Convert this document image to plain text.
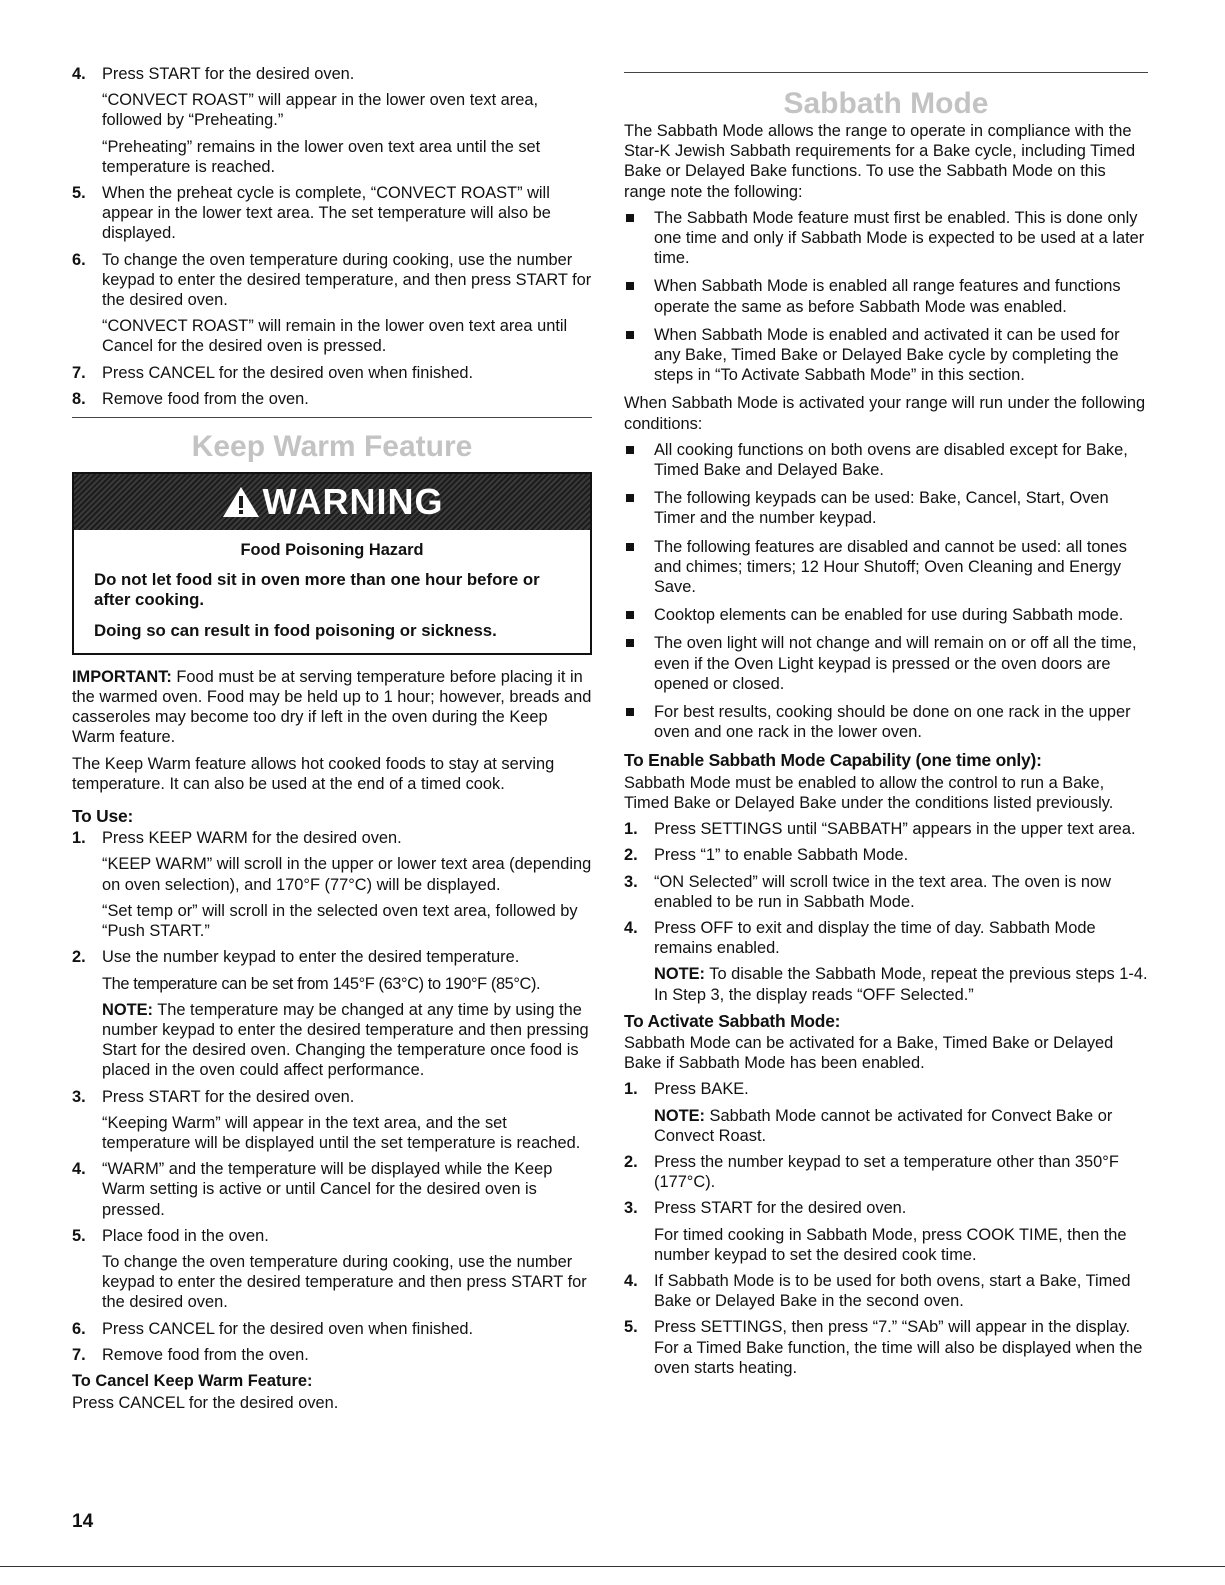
4. Press START for the desired oven.

“CONVECT ROAST” will appear in the lower oven text area, followed by “Preheating.”

“Preheating” remains in the lower oven text area until the set temperature is reached.

5. When the preheat cycle is complete, “CONVECT ROAST” will appear in the lower text area. The set temperature will also be displayed.

6. To change the oven temperature during cooking, use the number keypad to enter the desired temperature, and then press START for the desired oven.

“CONVECT ROAST” will remain in the lower oven text area until Cancel for the desired oven is pressed.

7. Press CANCEL for the desired oven when finished.

8. Remove food from the oven.

Keep Warm Feature
WARNING

Food Poisoning Hazard

Do not let food sit in oven more than one hour before or after cooking.

Doing so can result in food poisoning or sickness.

IMPORTANT: Food must be at serving temperature before placing it in the warmed oven. Food may be held up to 1 hour; however, breads and casseroles may become too dry if left in the oven during the Keep Warm feature.

The Keep Warm feature allows hot cooked foods to stay at serving temperature. It can also be used at the end of a timed cook.

To Use:
1. Press KEEP WARM for the desired oven.

“KEEP WARM” will scroll in the upper or lower text area (depending on oven selection), and 170°F (77°C) will be displayed.

“Set temp or” will scroll in the selected oven text area, followed by “Push START.”

2. Use the number keypad to enter the desired temperature.

The temperature can be set from 145°F (63°C) to 190°F (85°C).

NOTE: The temperature may be changed at any time by using the number keypad to enter the desired temperature and then pressing Start for the desired oven. Changing the temperature once food is placed in the oven could affect performance.

3. Press START for the desired oven.

“Keeping Warm” will appear in the text area, and the set temperature will be displayed until the set temperature is reached.

4. “WARM” and the temperature will be displayed while the Keep Warm setting is active or until Cancel for the desired oven is pressed.

5. Place food in the oven.

To change the oven temperature during cooking, use the number keypad to enter the desired temperature and then press START for the desired oven.

6. Press CANCEL for the desired oven when finished.

7. Remove food from the oven.

To Cancel Keep Warm Feature:

Press CANCEL for the desired oven.

Sabbath Mode

The Sabbath Mode allows the range to operate in compliance with the Star-K Jewish Sabbath requirements for a Bake cycle, including Timed Bake or Delayed Bake functions. To use the Sabbath Mode on this range note the following:

The Sabbath Mode feature must first be enabled. This is done only one time and only if Sabbath Mode is expected to be used at a later time.
When Sabbath Mode is enabled all range features and functions operate the same as before Sabbath Mode was enabled.
When Sabbath Mode is enabled and activated it can be used for any Bake, Timed Bake or Delayed Bake cycle by completing the steps in “To Activate Sabbath Mode” in this section.

When Sabbath Mode is activated your range will run under the following conditions:

All cooking functions on both ovens are disabled except for Bake, Timed Bake and Delayed Bake.
The following keypads can be used: Bake, Cancel, Start, Oven Timer and the number keypad.
The following features are disabled and cannot be used: all tones and chimes; timers; 12 Hour Shutoff; Oven Cleaning and Energy Save.
Cooktop elements can be enabled for use during Sabbath mode.
The oven light will not change and will remain on or off all the time, even if the Oven Light keypad is pressed or the oven doors are opened or closed.
For best results, cooking should be done on one rack in the upper oven and one rack in the lower oven.
To Enable Sabbath Mode Capability (one time only):

Sabbath Mode must be enabled to allow the control to run a Bake, Timed Bake or Delayed Bake under the conditions listed previously.

1. Press SETTINGS until “SABBATH” appears in the upper text area.

2. Press “1” to enable Sabbath Mode.

3. “ON Selected” will scroll twice in the text area. The oven is now enabled to be run in Sabbath Mode.

4. Press OFF to exit and display the time of day. Sabbath Mode remains enabled.

NOTE: To disable the Sabbath Mode, repeat the previous steps 1-4. In Step 3, the display reads “OFF Selected.”

To Activate Sabbath Mode:

Sabbath Mode can be activated for a Bake, Timed Bake or Delayed Bake if Sabbath Mode has been enabled.

1. Press BAKE.

NOTE: Sabbath Mode cannot be activated for Convect Bake or Convect Roast.

2. Press the number keypad to set a temperature other than 350°F (177°C).

3. Press START for the desired oven.

For timed cooking in Sabbath Mode, press COOK TIME, then the number keypad to set the desired cook time.

4. If Sabbath Mode is to be used for both ovens, start a Bake, Timed Bake or Delayed Bake in the second oven.

5. Press SETTINGS, then press “7.” “SAb” will appear in the display.

For a Timed Bake function, the time will also be displayed when the oven starts heating.

14
